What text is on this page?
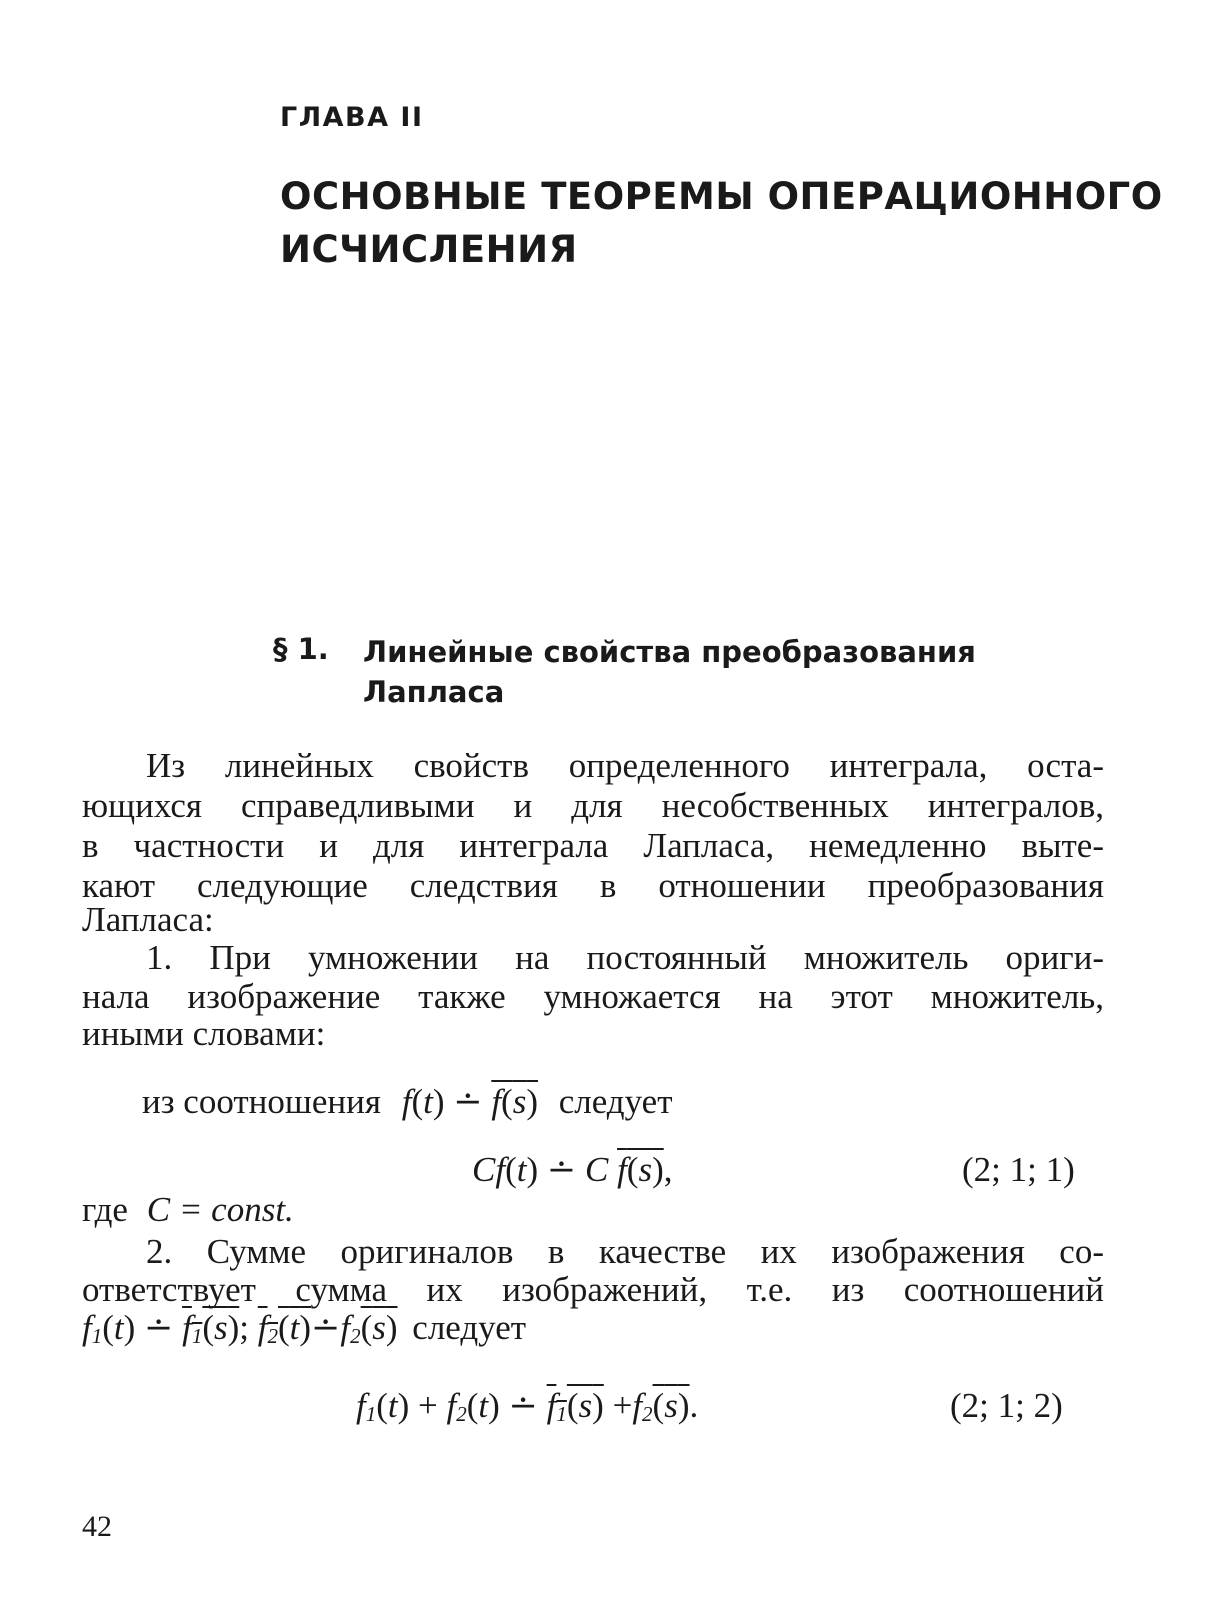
ГЛАВА II
ОСНОВНЫЕ ТЕОРЕМЫ ОПЕРАЦИОННОГО
ИСЧИСЛЕНИЯ
§ 1. Линейные свойства преобразования
Лапласа
Из линейных свойств определенного интеграла, оста-
ющихся справедливыми и для несобственных интегралов,
в частности и для интеграла Лапласа, немедленно выте-
кают следующие следствия в отношении преобразования
Лапласа:
1. При умножении на постоянный множитель ориги-
нала изображение также умножается на этот множитель,
иными словами:
из соотношения f(t) ∸ f(s) следует
Cf(t) ∸ C f(s),	(2; 1; 1)
где C = const.
2. Сумме оригиналов в качестве их изображения со-
ответствует сумма их изображений, т.е. из соотношений
$f_1(t)$ ∸ $f_1(s)$; $f_2(t)∸f_2(s)$ следует
$f_1(t) + f_2(t)$ ∸ $f_1(s) +f_2(s)$.	(2; 1; 2)
42
